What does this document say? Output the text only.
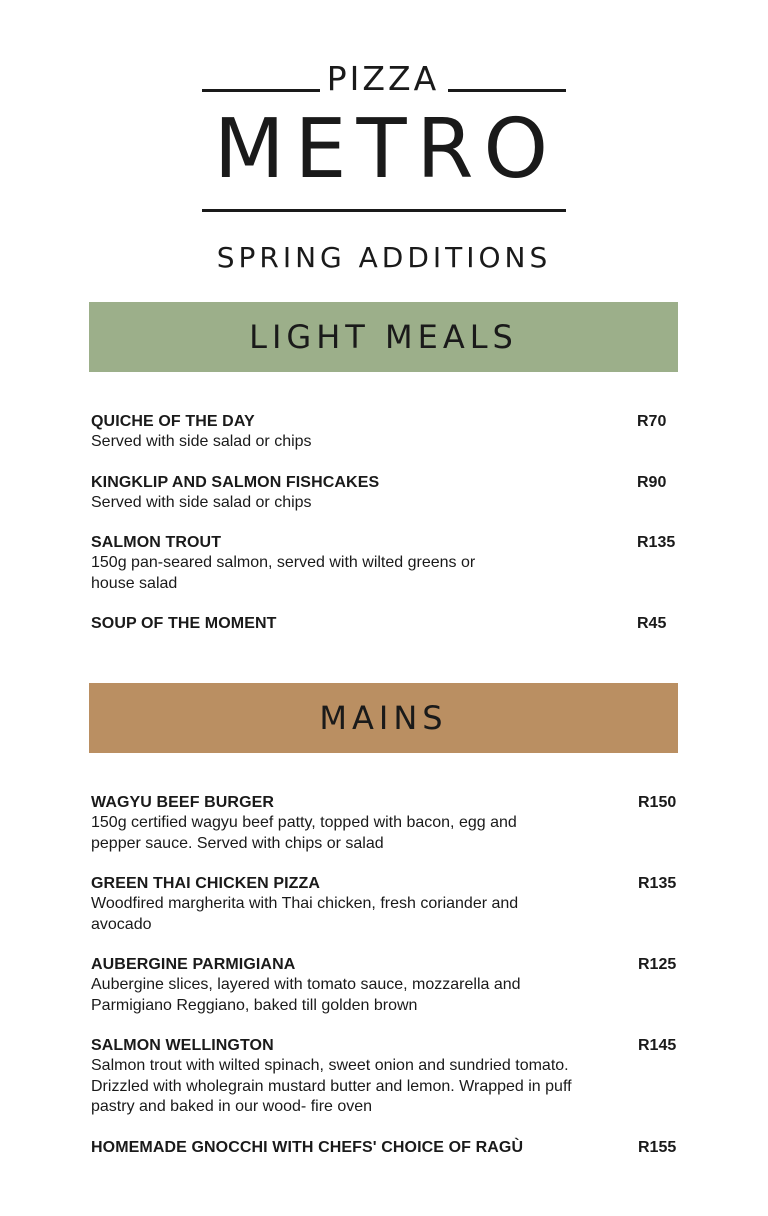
PIZZA
METRO
SPRING ADDITIONS
LIGHT MEALS
QUICHE OF THE DAY
Served with side salad or chips
R70
KINGKLIP AND SALMON FISHCAKES
Served with side salad or chips
R90
SALMON TROUT
150g pan-seared salmon, served with wilted greens or house salad
R135
SOUP OF THE MOMENT	R45
MAINS
WAGYU BEEF BURGER
150g certified wagyu beef patty, topped with bacon, egg and pepper sauce. Served with chips or salad
R150
GREEN THAI CHICKEN PIZZA
Woodfired margherita with Thai chicken, fresh coriander and avocado
R135
AUBERGINE PARMIGIANA
Aubergine slices, layered with tomato sauce, mozzarella and Parmigiano Reggiano, baked till golden brown
R125
SALMON WELLINGTON
Salmon trout with wilted spinach, sweet onion and sundried tomato. Drizzled with wholegrain mustard butter and lemon. Wrapped in puff pastry and baked in our wood- fire oven
R145
HOMEMADE GNOCCHI WITH CHEFS' CHOICE OF RAGÙ	R155
